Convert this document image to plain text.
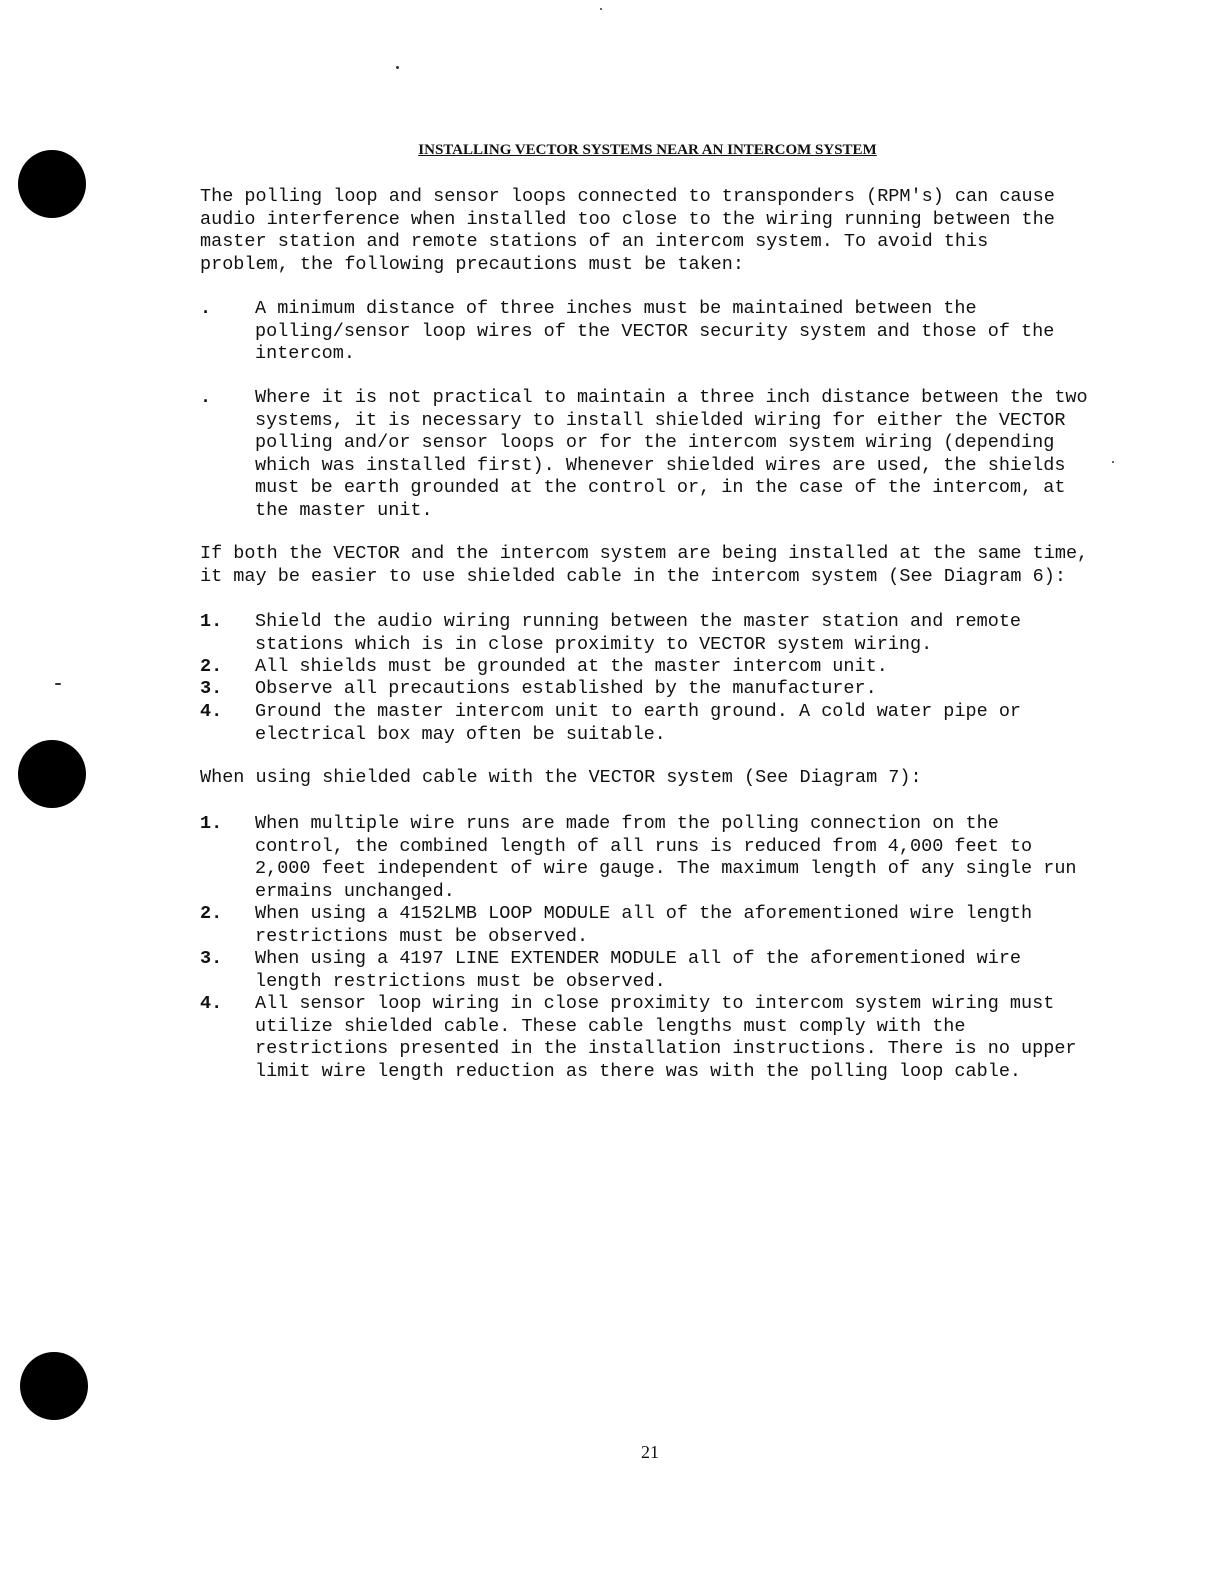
INSTALLING VECTOR SYSTEMS NEAR AN INTERCOM SYSTEM
The polling loop and sensor loops connected to transponders (RPM's) can cause
audio interference when installed too close to the wiring running between the
master station and remote stations of an intercom system. To avoid this
problem, the following precautions must be taken:
.	A minimum distance of three inches must be maintained between the
polling/sensor loop wires of the VECTOR security system and those of the
intercom.
.	Where it is not practical to maintain a three inch distance between the two
systems, it is necessary to install shielded wiring for either the VECTOR
polling and/or sensor loops or for the intercom system wiring (depending
which was installed first). Whenever shielded wires are used, the shields
must be earth grounded at the control or, in the case of the intercom, at
the master unit.
If both the VECTOR and the intercom system are being installed at the same time,
it may be easier to use shielded cable in the intercom system (See Diagram 6):
1.	Shield the audio wiring running between the master station and remote
stations which is in close proximity to VECTOR system wiring.
2.	All shields must be grounded at the master intercom unit.
3.	Observe all precautions established by the manufacturer.
4.	Ground the master intercom unit to earth ground. A cold water pipe or
electrical box may often be suitable.
When using shielded cable with the VECTOR system (See Diagram 7):
1.	When multiple wire runs are made from the polling connection on the
control, the combined length of all runs is reduced from 4,000 feet to
2,000 feet independent of wire gauge. The maximum length of any single run
ermains unchanged.
2.	When using a 4152LMB LOOP MODULE all of the aforementioned wire length
restrictions must be observed.
3.	When using a 4197 LINE EXTENDER MODULE all of the aforementioned wire
length restrictions must be observed.
4.	All sensor loop wiring in close proximity to intercom system wiring must
utilize shielded cable. These cable lengths must comply with the
restrictions presented in the installation instructions. There is no upper
limit wire length reduction as there was with the polling loop cable.
21
